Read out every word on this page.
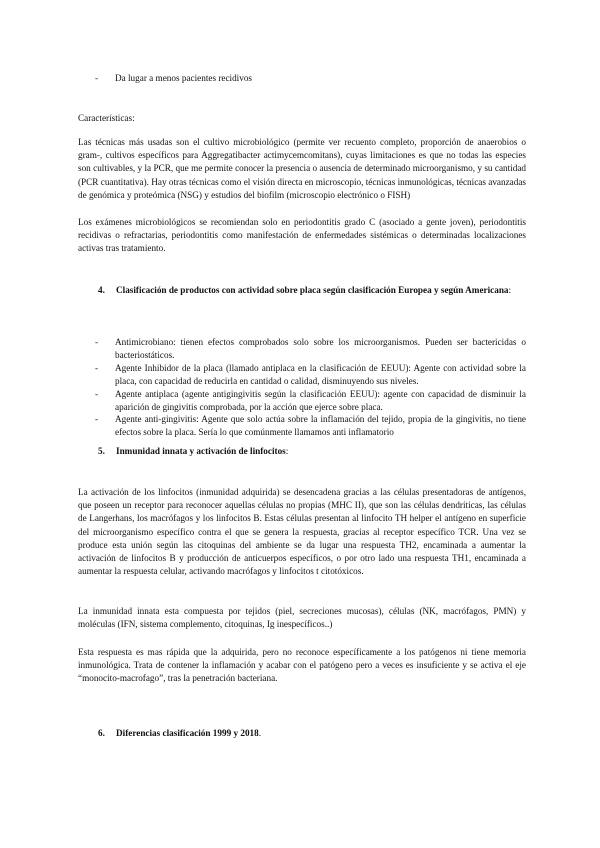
-	Da lugar a menos pacientes recidivos
Características:
Las técnicas más usadas son el cultivo microbiológico (permite ver recuento completo, proporción de anaerobios o gram-, cultivos específicos para Aggregatibacter actimycemcomitans), cuyas limitaciones es que no todas las especies son cultivables, y la PCR, que me permite conocer la presencia o ausencia de determinado microorganismo, y su cantidad (PCR cuantitativa). Hay otras técnicas como el visión directa en microscopio, técnicas inmunológicas, técnicas avanzadas de genómica y proteómica (NSG) y estudios del biofilm (microscopio electrónico o FISH)
Los exámenes microbiológicos se recomiendan solo en periodontitis grado C (asociado a gente joven), periodontitis recidivas o refractarias, periodontitis como manifestación de enfermedades sistémicas o determinadas localizaciones activas tras tratamiento.
4. Clasificación de productos con actividad sobre placa según clasificación Europea y según Americana:
-	Antimicrobiano: tienen efectos comprobados solo sobre los microorganismos. Pueden ser bactericidas o bacteriostáticos.
-	Agente Inhibidor de la placa (llamado antiplaca en la clasificación de EEUU): Agente con actividad sobre la placa, con capacidad de reducirla en cantidad o calidad, disminuyendo sus niveles.
-	Agente antiplaca (agente antigingivitis según la clasificación EEUU): agente con capacidad de disminuir la aparición de gingivitis comprobada, por la acción que ejerce sobre placa.
-	Agente anti-gingivitis: Agente que solo actúa sobre la inflamación del tejido, propia de la gingivitis, no tiene efectos sobre la placa. Sería lo que comúnmente llamamos anti inflamatorio
5. Inmunidad innata y activación de linfocitos:
La activación de los linfocitos (inmunidad adquirida) se desencadena gracias a las células presentadoras de antígenos, que poseen un receptor para reconocer aquellas células no propias (MHC II), que son las células dendríticas, las células de Langerhans, los macrófagos y los linfocitos B. Estas células presentan al linfocito TH helper el antígeno en superficie del microorganismo específico contra el que se genera la respuesta, gracias al receptor específico TCR. Una vez se produce esta unión según las citoquinas del ambiente se da lugar una respuesta TH2, encaminada a aumentar la activación de linfocitos B y producción de anticuerpos específicos, o por otro lado una respuesta TH1, encaminada a aumentar la respuesta celular, activando macrófagos y linfocitos t citotóxicos.
La inmunidad innata esta compuesta por tejidos (piel, secreciones mucosas), células (NK, macrófagos, PMN) y moléculas (IFN, sistema complemento, citoquinas, Ig inespecíficos..)
Esta respuesta es mas rápida que la adquirida, pero no reconoce específicamente a los patógenos ni tiene memoria inmunológica. Trata de contener la inflamación y acabar con el patógeno pero a veces es insuficiente y se activa el eje “monocito-macrofago”, tras la penetración bacteriana.
6. Diferencias clasificación 1999 y 2018.
